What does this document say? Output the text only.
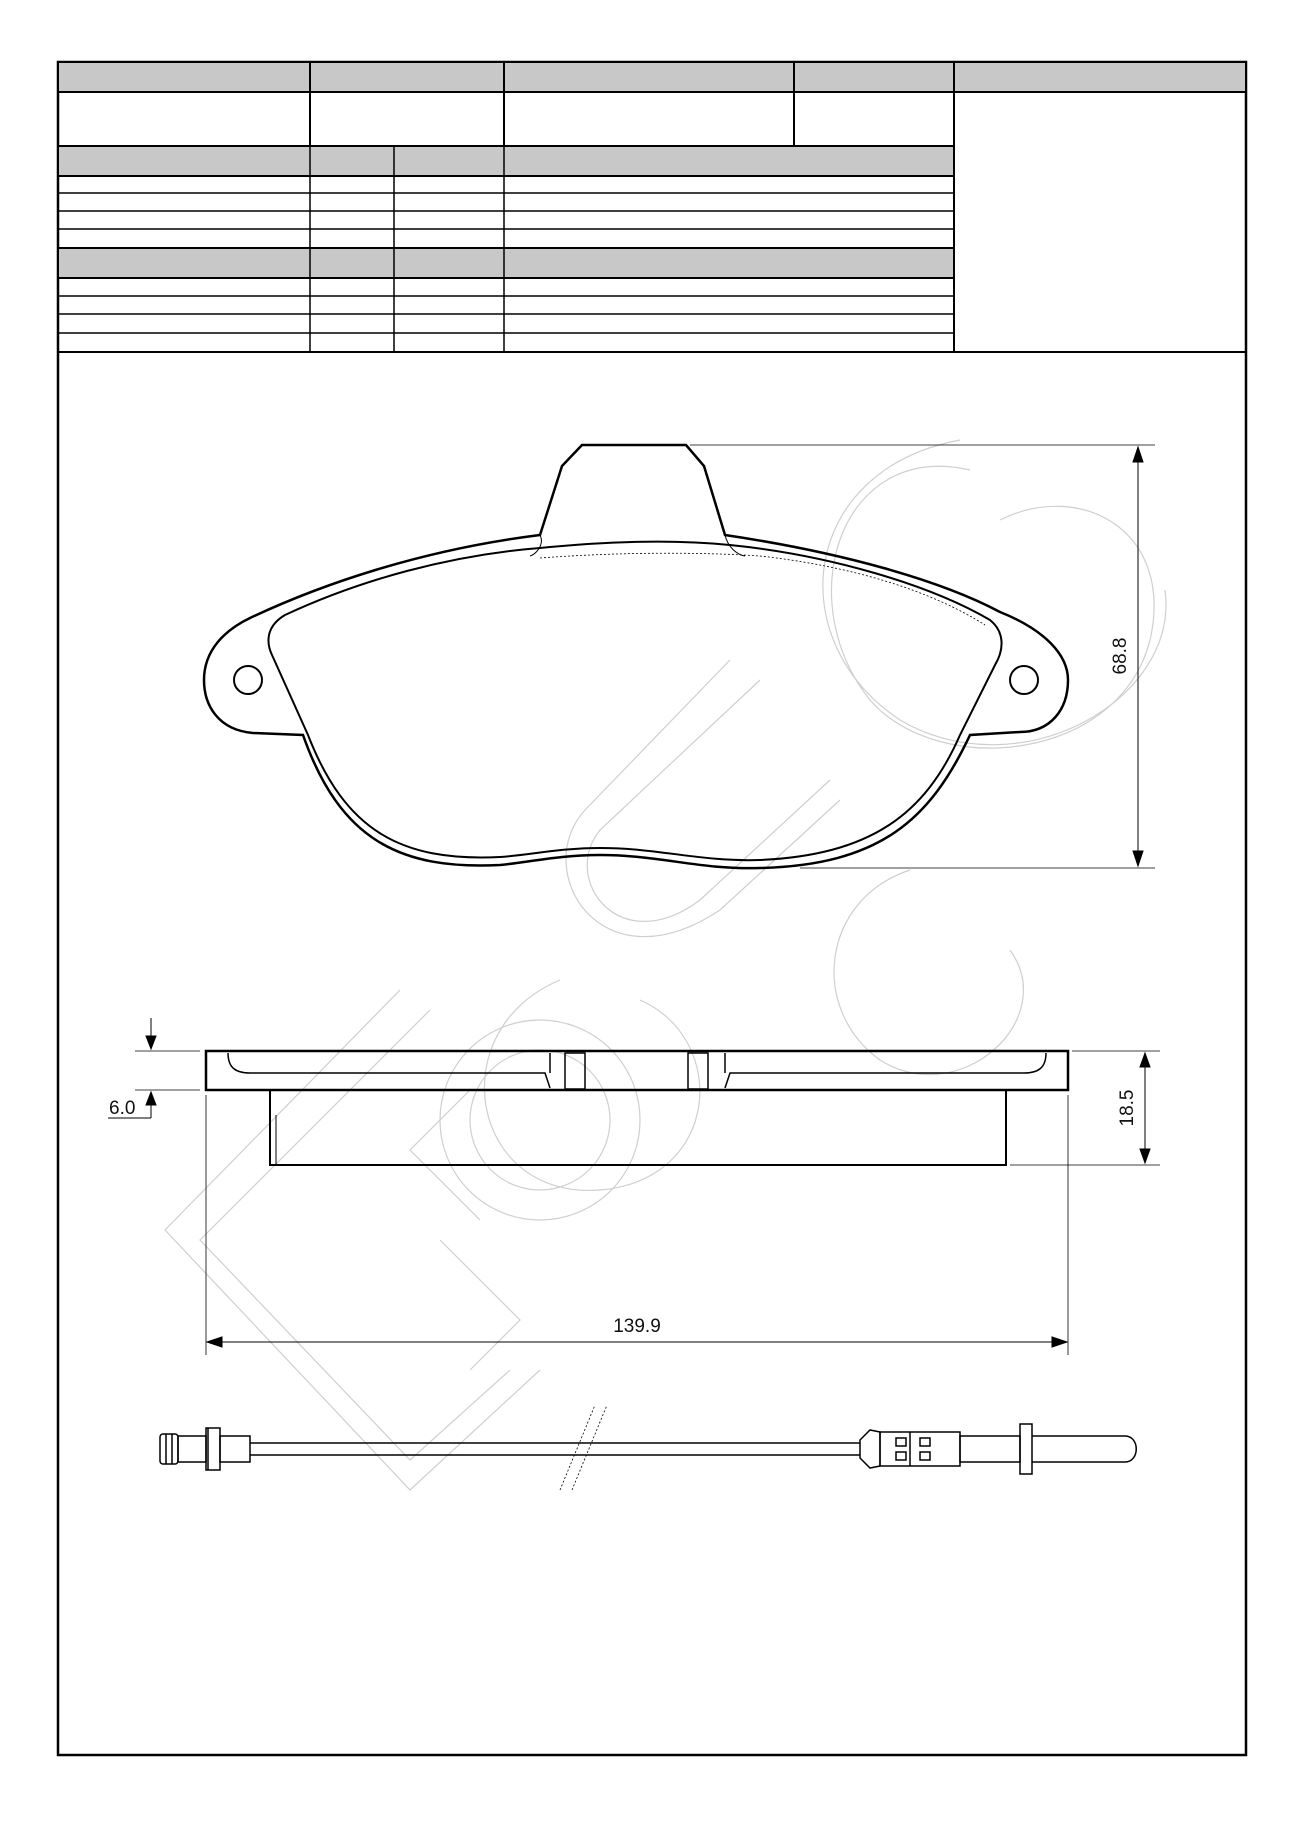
68.8
6.0	18.5
139.9
